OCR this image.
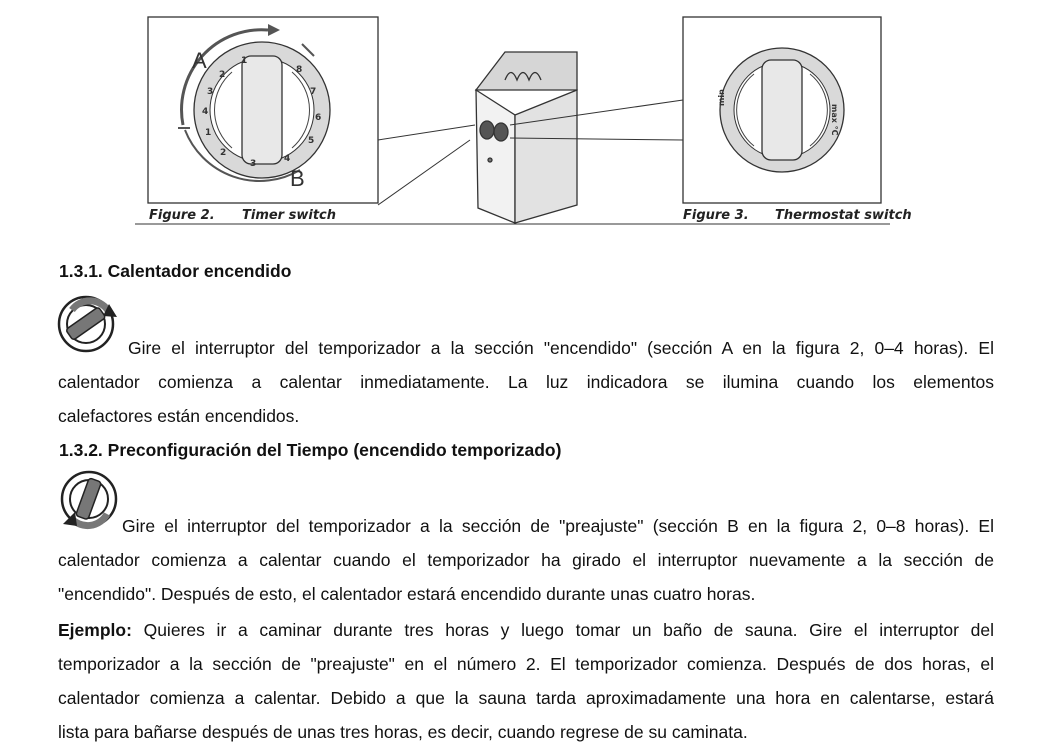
1
2
3
4
8
7
6
5
4
3
2
1
A
B
min
max °C
Figure 2. Timer switch	Figure 3. Thermostat switch
1.3.1. Calentador encendido
Gire el interruptor del temporizador a la sección "encendido" (sección A en la figura 2, 0–4 horas). El
calentador comienza a calentar inmediatamente. La luz indicadora se ilumina cuando los elementos
calefactores están encendidos.
1.3.2. Preconfiguración del Tiempo (encendido temporizado)
Gire el interruptor del temporizador a la sección de "preajuste" (sección B en la figura 2, 0–8 horas). El
calentador comienza a calentar cuando el temporizador ha girado el interruptor nuevamente a la sección de
"encendido". Después de esto, el calentador estará encendido durante unas cuatro horas.
Ejemplo: Quieres ir a caminar durante tres horas y luego tomar un baño de sauna. Gire el interruptor del
temporizador a la sección de "preajuste" en el número 2. El temporizador comienza. Después de dos horas, el
calentador comienza a calentar. Debido a que la sauna tarda aproximadamente una hora en calentarse, estará
lista para bañarse después de unas tres horas, es decir, cuando regrese de su caminata.
